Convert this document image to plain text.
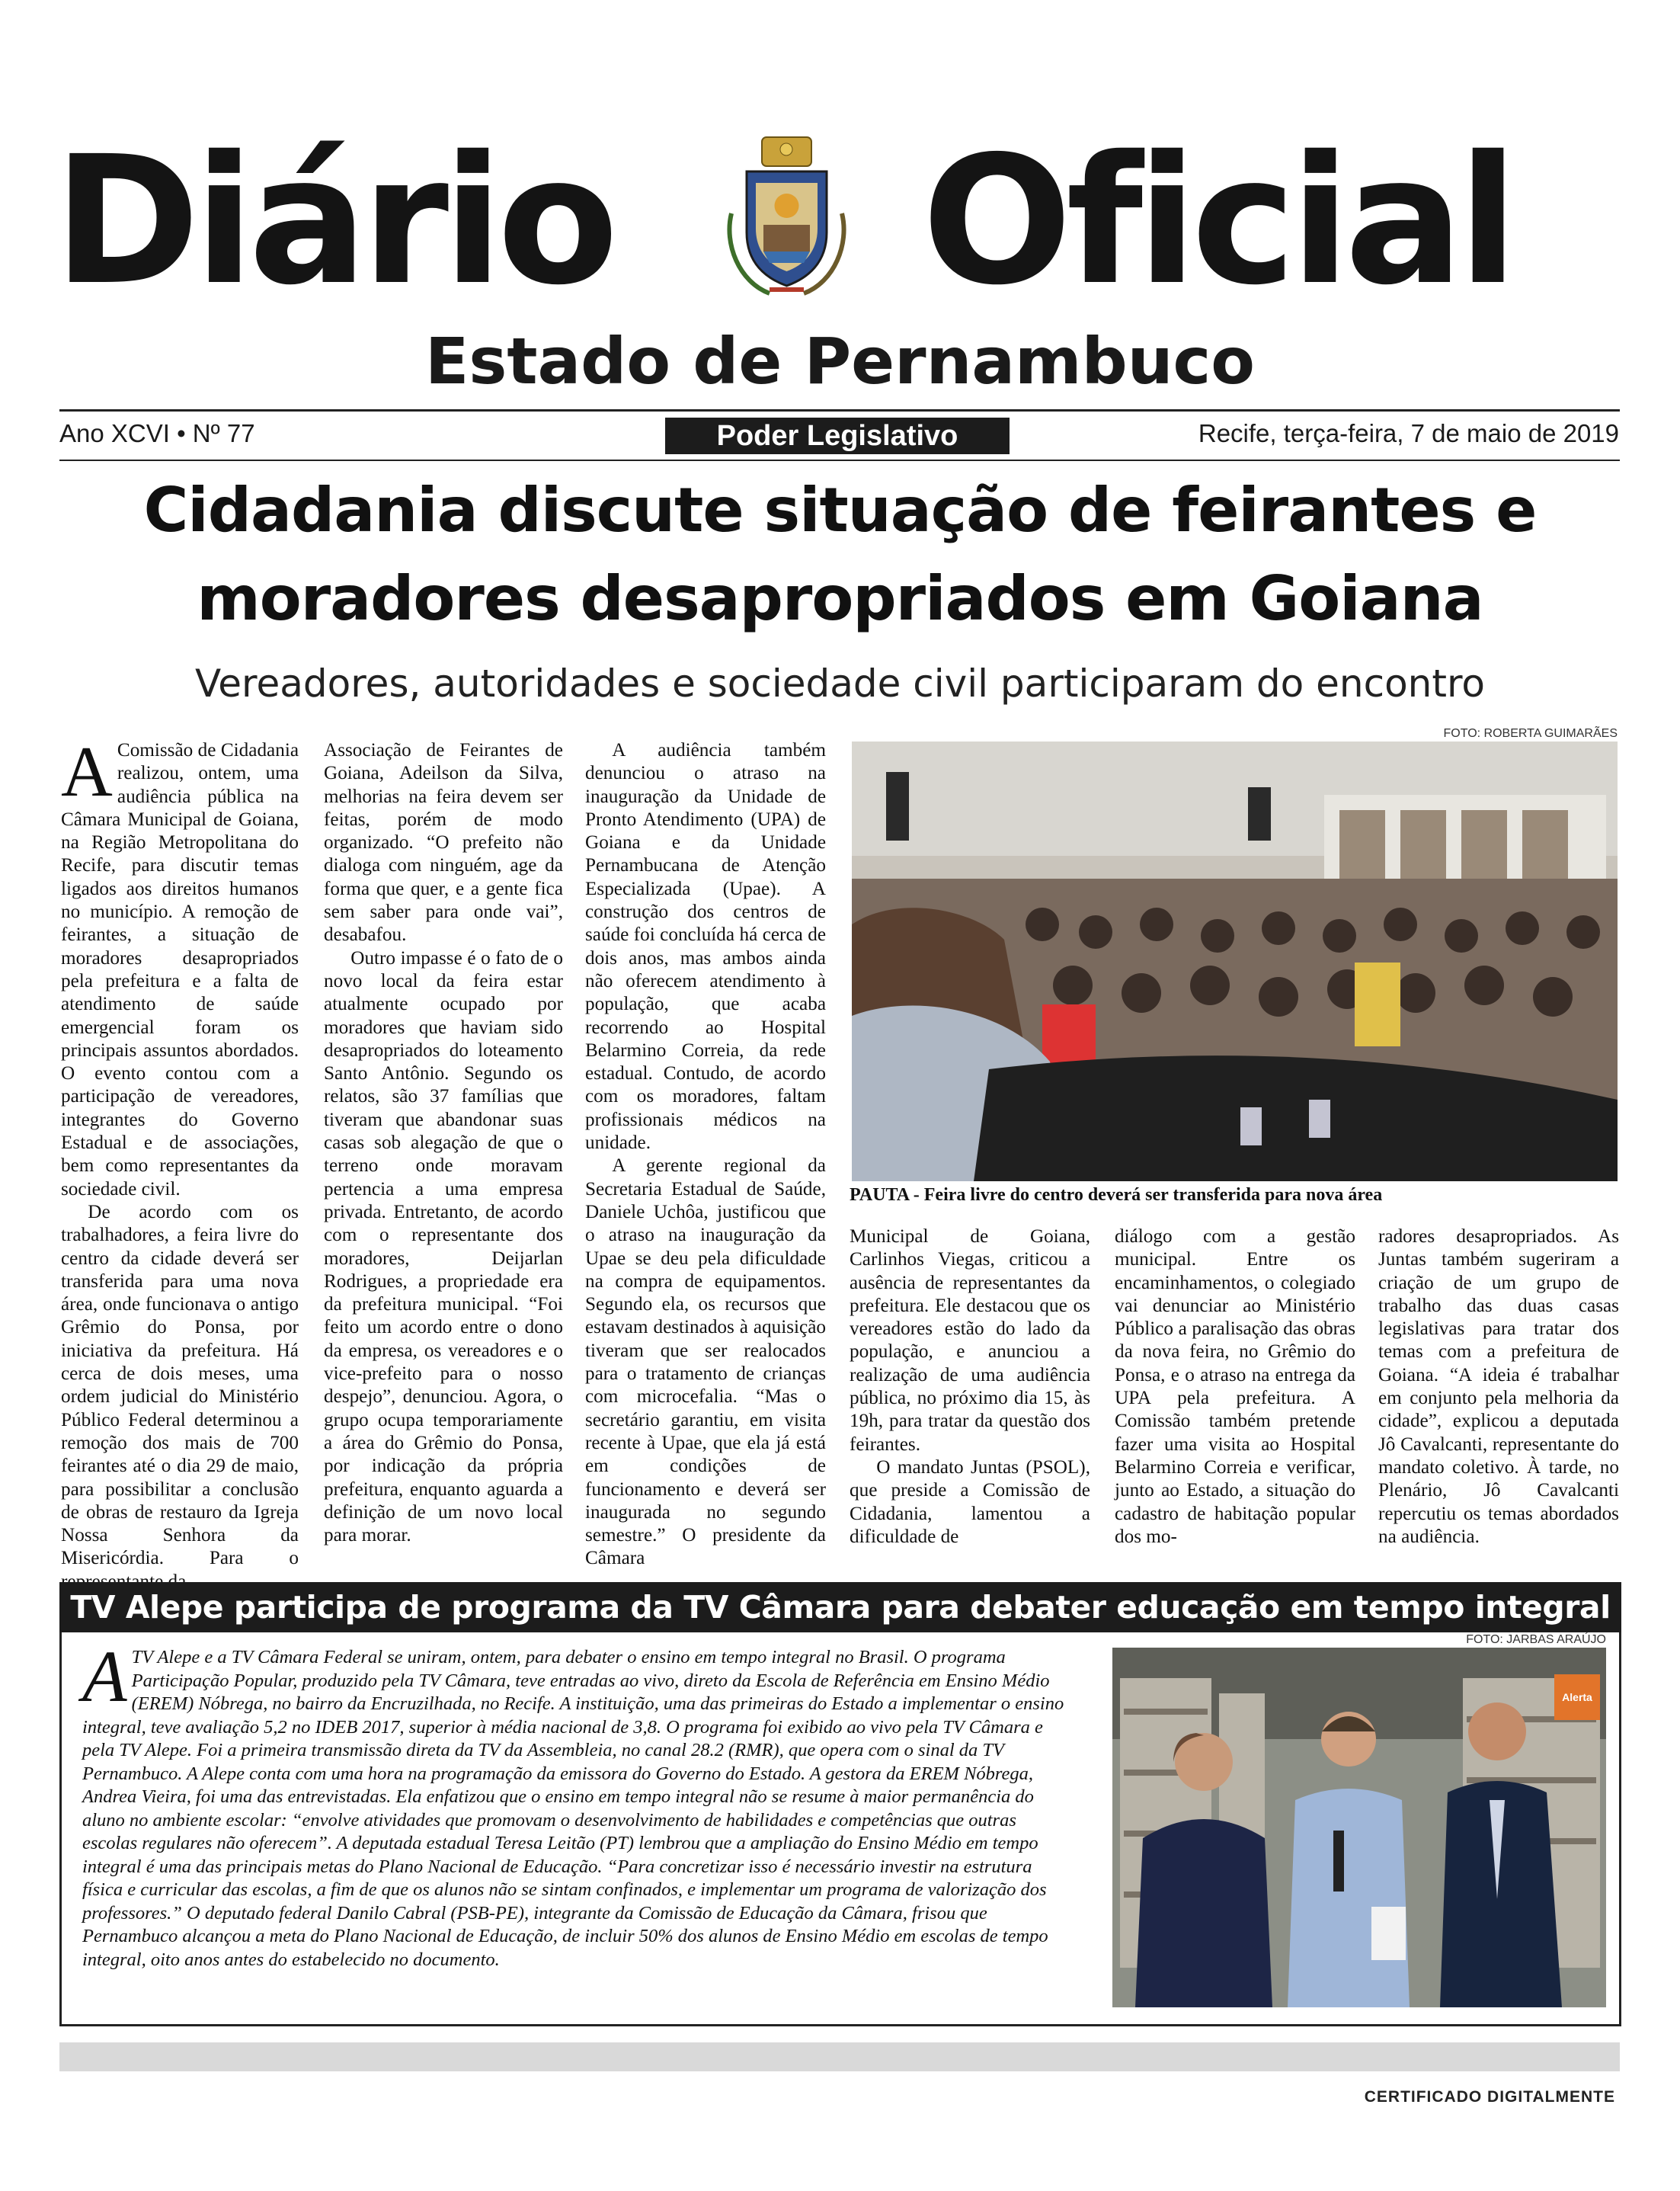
Diário Oficial
Estado de Pernambuco
Ano XCVI • Nº 77	Poder Legislativo	Recife, terça-feira, 7 de maio de 2019
Cidadania discute situação de feirantes e
moradores desapropriados em Goiana
Vereadores, autoridades e sociedade civil participaram do encontro

A Comissão de Cidadania realizou, ontem, uma audiência pública na Câmara Municipal de Goiana, na Região Metropolitana do Recife, para discutir temas ligados aos direitos humanos no município. A remoção de feirantes, a situação de moradores desapropriados pela prefeitura e a falta de atendimento de saúde emergencial foram os principais assuntos abordados. O evento contou com a participação de vereadores, integrantes do Governo Estadual e de associações, bem como representantes da sociedade civil.

De acordo com os trabalhadores, a feira livre do centro da cidade deverá ser transferida para uma nova área, onde funcionava o antigo Grêmio do Ponsa, por iniciativa da prefeitura. Há cerca de dois meses, uma ordem judicial do Ministério Público Federal determinou a remoção dos mais de 700 feirantes até o dia 29 de maio, para possibilitar a conclusão de obras de restauro da Igreja Nossa Senhora da Misericórdia. Para o

Associação de Feirantes de Goiana, Adeilson da Silva, melhorias na feira devem ser feitas, porém de modo organizado. “O prefeito não dialoga com ninguém, age da forma que quer, e a gente fica sem saber para onde vai”, desabafou.

Outro impasse é o fato de o novo local da feira estar atualmente ocupado por moradores que haviam sido desapropriados do loteamento Santo Antônio. Segundo os relatos, são 37 famílias que tiveram que abandonar suas casas sob alegação de que o terreno onde moravam pertencia a uma empresa privada. Entretanto, de acordo com o representante dos moradores, Deijarlan Rodrigues, a propriedade era da prefeitura municipal. “Foi feito um acordo entre o dono da empresa, os vereadores e o vice-prefeito para o nosso despejo”, denunciou. Agora, o grupo ocupa temporariamente a área do Grêmio do Ponsa, por indicação da própria prefeitura, enquanto aguarda a definição de um novo local para morar.

A audiência também denunciou o atraso na inauguração da Unidade de Pronto Atendimento (UPA) de Goiana e da Unidade Pernambucana de Atenção Especializada (Upae). A construção dos centros de saúde foi concluída há cerca de dois anos, mas ambos ainda não oferecem atendimento à população, que acaba recorrendo ao Hospital Belarmino Correia, da rede estadual. Contudo, de acordo com os moradores, faltam profissionais médicos na unidade.

A gerente regional da Secretaria Estadual de Saúde, Daniele Uchôa, justificou que o atraso na inauguração da Upae se deu pela dificuldade na compra de equipamentos. Segundo ela, os recursos que estavam destinados à aquisição tiveram que ser realocados para o tratamento de crianças com microcefalia. “Mas o secretário garantiu, em visita recente à Upae, que ela já está em condições de funcionamento e deverá ser inaugurada no segundo semestre.” O presidente da Câmara

FOTO: ROBERTA GUIMARÃES
PAUTA - Feira livre do centro deverá ser transferida para nova área

Municipal de Goiana, Carlinhos Viegas, criticou a ausência de representantes da prefeitura. Ele destacou que os vereadores estão do lado da população, e anunciou a realização de uma audiência pública, no próximo dia 15, às 19h, para tratar da questão dos feirantes.

O mandato Juntas (PSOL), que preside a Comissão de Cidadania, lamentou a dificuldade de

diálogo com a gestão municipal. Entre os encaminhamentos, o colegiado vai denunciar ao Ministério Público a paralisação das obras da nova feira, no Grêmio do Ponsa, e o atraso na entrega da UPA pela prefeitura. A Comissão também pretende fazer uma visita ao Hospital Belarmino Correia e verificar, junto ao Estado, a situação do cadastro de habitação popular dos mo-

radores desapropriados. As Juntas também sugeriram a criação de um grupo de trabalho das duas casas legislativas para tratar dos temas com a prefeitura de Goiana. “A ideia é trabalhar em conjunto pela melhoria da cidade”, explicou a deputada Jô Cavalcanti, representante do mandato coletivo. À tarde, no Plenário, Jô Cavalcanti repercutiu os temas abordados na audiência.

TV Alepe participa de programa da TV Câmara para debater educação em tempo integral
FOTO: JARBAS ARAÚJO

ATV Alepe e a TV Câmara Federal se uniram, ontem, para debater o ensino em tempo integral no Brasil. O programa Participação Popular, produzido pela TV Câmara, teve entradas ao vivo, direto da Escola de Referência em Ensino Médio (EREM) Nóbrega, no bairro da Encruzilhada, no Recife. A instituição, uma das primeiras do Estado a implementar o ensino integral, teve avaliação 5,2 no IDEB 2017, superior à média nacional de 3,8. O programa foi exibido ao vivo pela TV Câmara e pela TV Alepe. Foi a primeira transmissão direta da TV da Assembleia, no canal 28.2 (RMR), que opera com o sinal da TV Pernambuco. A Alepe conta com uma hora na programação da emissora do Governo do Estado. A gestora da EREM Nóbrega, Andrea Vieira, foi uma das entrevistadas. Ela enfatizou que o ensino em tempo integral não se resume à maior permanência do aluno no ambiente escolar: “envolve atividades que promovam o desenvolvimento de habilidades e competências que outras escolas regulares não oferecem”. A deputada estadual Teresa Leitão (PT) lembrou que a ampliação do Ensino Médio em tempo integral é uma das principais metas do Plano Nacional de Educação. “Para concretizar isso é necessário investir na estrutura física e curricular das escolas, a fim de que os alunos não se sintam confinados, e implementar um programa de valorização dos professores.” O deputado federal Danilo Cabral (PSB-PE), integrante da Comissão de Educação da Câmara, frisou que Pernambuco alcançou a meta do Plano Nacional de Educação, de incluir 50% dos alunos de Ensino Médio em escolas de tempo integral, oito anos antes do estabelecido no documento.

Alerta
CERTIFICADO DIGITALMENTE
